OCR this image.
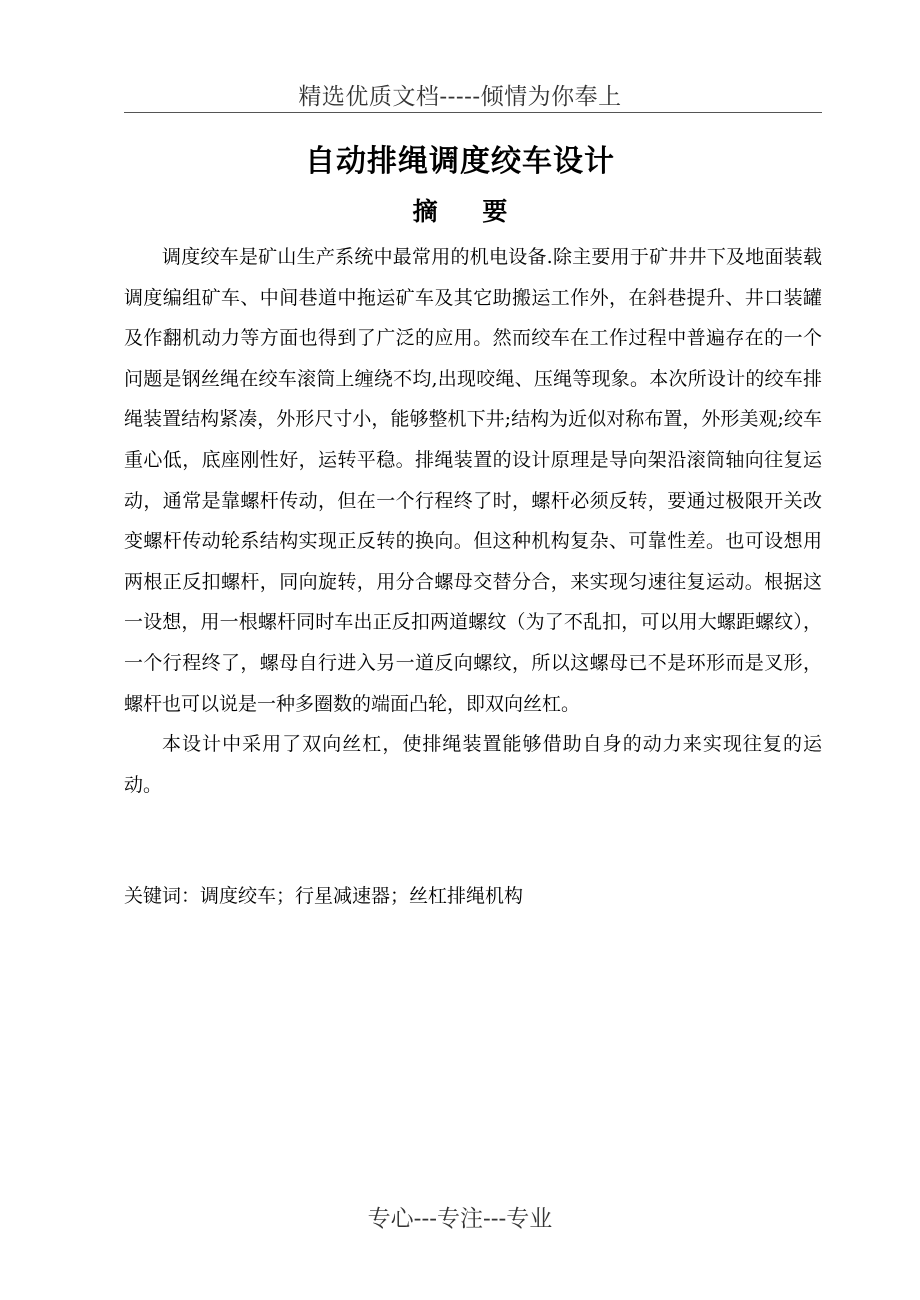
精选优质文档-----倾情为你奉上
自动排绳调度绞车设计
摘 要

调度绞车是矿山生产系统中最常用的机电设备.除主要用于矿井井下及地面装载调度编组矿车、中间巷道中拖运矿车及其它助搬运工作外，在斜巷提升、井口装罐及作翻机动力等方面也得到了广泛的应用。然而绞车在工作过程中普遍存在的一个问题是钢丝绳在绞车滚筒上缠绕不均,出现咬绳、压绳等现象。本次所设计的绞车排绳装置结构紧凑，外形尺寸小，能够整机下井;结构为近似对称布置，外形美观;绞车重心低，底座刚性好，运转平稳。排绳装置的设计原理是导向架沿滚筒轴向往复运动，通常是靠螺杆传动，但在一个行程终了时，螺杆必须反转，要通过极限开关改变螺杆传动轮系结构实现正反转的换向。但这种机构复杂、可靠性差。也可设想用两根正反扣螺杆，同向旋转，用分合螺母交替分合，来实现匀速往复运动。根据这一设想，用一根螺杆同时车出正反扣两道螺纹（为了不乱扣，可以用大螺距螺纹），一个行程终了，螺母自行进入另一道反向螺纹，所以这螺母已不是环形而是叉形，螺杆也可以说是一种多圈数的端面凸轮，即双向丝杠。

本设计中采用了双向丝杠，使排绳装置能够借助自身的动力来实现往复的运动。

关键词：调度绞车；行星减速器；丝杠排绳机构
专心---专注---专业
